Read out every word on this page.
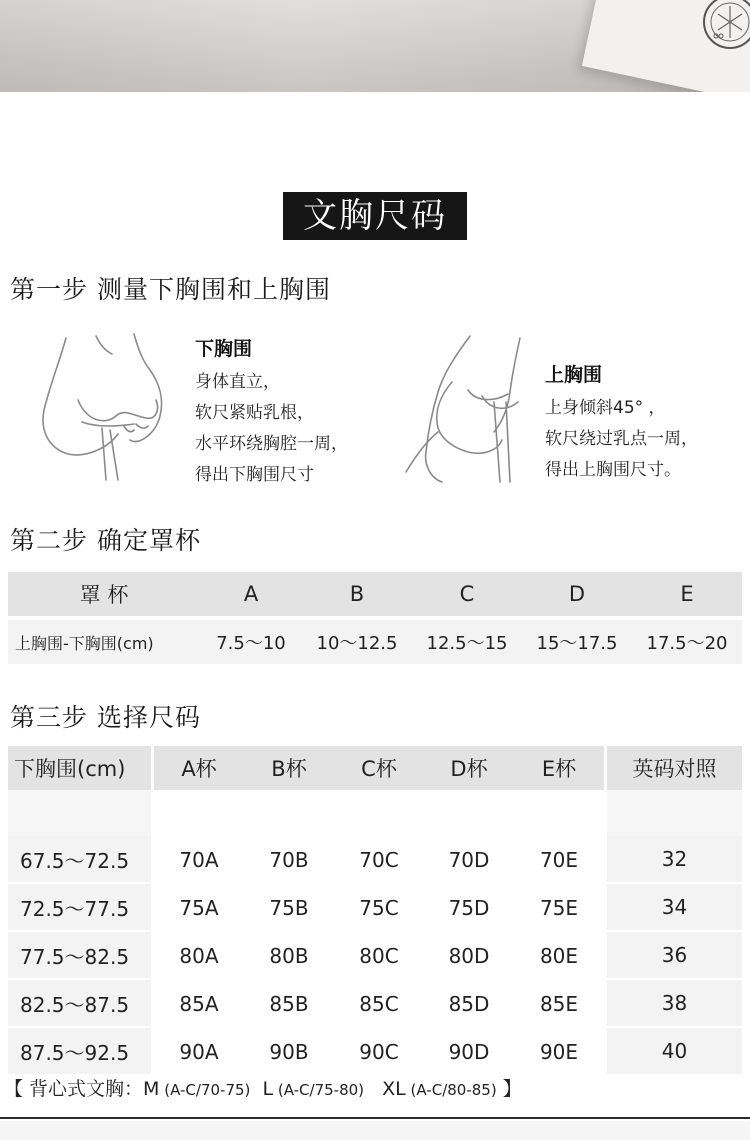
文胸尺码
第一步 测量下胸围和上胸围
下胸围
身体直立，
软尺紧贴乳根，
水平环绕胸腔一周，
得出下胸围尺寸
上胸围
上身倾斜45° ，
软尺绕过乳点一周，
得出上胸围尺寸。
第二步 确定罩杯
罩 杯	A	B	C	D	E

上胸围-下胸围(cm)	7.5～10	10～12.5	12.5～15	15～17.5	17.5～20
第三步 选择尺码
下胸围(cm)	A杯	B杯	C杯	D杯	E杯	英码对照

67.5～72.5	70A	70B	70C	70D	70E	32
72.5～77.5	75A	75B	75C	75D	75E	34
77.5～82.5	80A	80B	80C	80D	80E	36
82.5～87.5	85A	85B	85C	85D	85E	38
87.5～92.5	90A	90B	90C	90D	90E	40
【 背心式文胸：M (A-C/70-75) L (A-C/75-80) XL (A-C/80-85) 】
